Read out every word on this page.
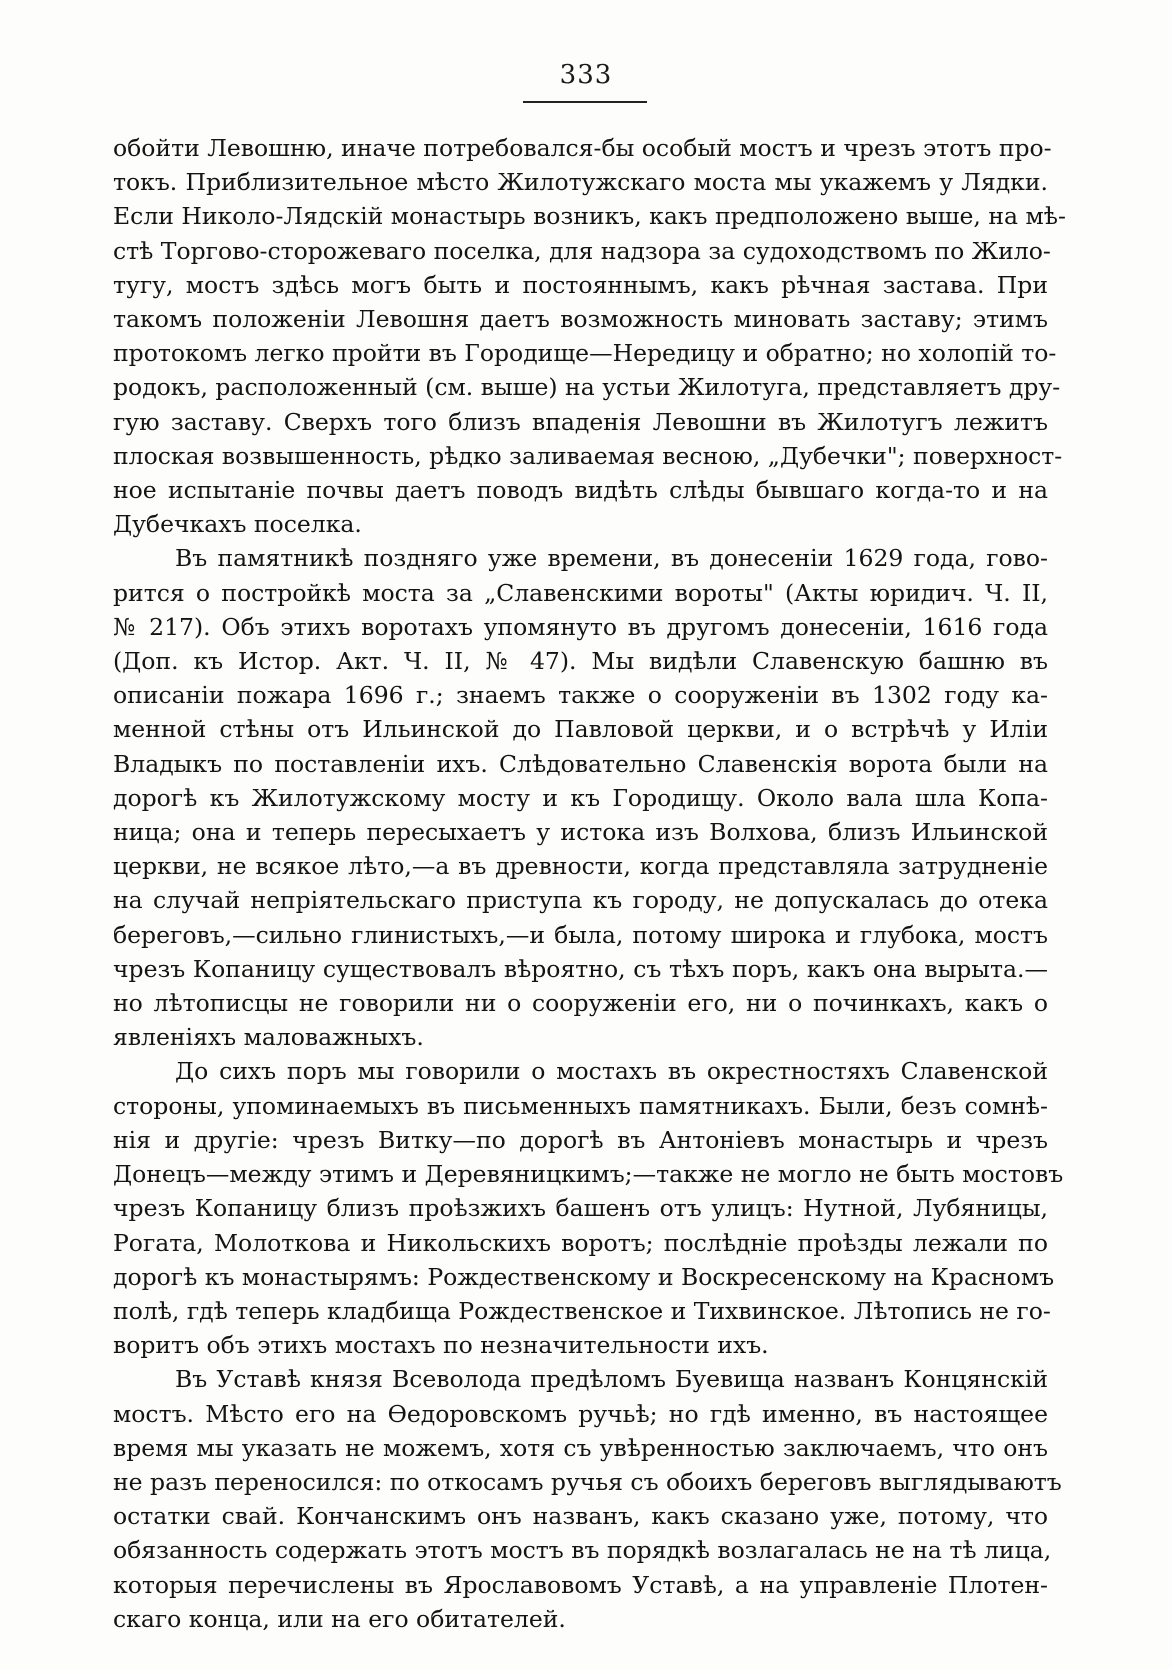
333

обойти Левошню, иначе потребовался-бы особый мостъ и чрезъ этотъ про-
токъ. Приблизительное мѣсто Жилотужскаго моста мы укажемъ у Лядки.
Если Николо-Лядскій монастырь возникъ, какъ предположено выше, на мѣ-
стѣ Торгово-сторожеваго поселка, для надзора за судоходствомъ по Жило-
тугу, мостъ здѣсь могъ быть и постояннымъ, какъ рѣчная застава. При
такомъ положеніи Левошня даетъ возможность миновать заставу; этимъ
протокомъ легко пройти въ Городище—Нередицу и обратно; но холопій то-
родокъ, расположенный (см. выше) на устьи Жилотуга, представляетъ дру-
гую заставу. Сверхъ того близъ впаденія Левошни въ Жилотугъ лежитъ
плоская возвышенность, рѣдко заливаемая весною, „Дубечки"; поверхност-
ное испытаніе почвы даетъ поводъ видѣть слѣды бывшаго когда-то и на
Дубечкахъ поселка.

Въ памятникѣ позднягo уже времени, въ донесеніи 1629 года, гово-
рится о постройкѣ моста за „Славенскими вороты" (Акты юридич. Ч. II,
№ 217). Объ этихъ воротахъ упомянуто въ другомъ донесеніи, 1616 года
(Доп. къ Истор. Акт. Ч. II, № 47). Мы видѣли Славенскую башню въ
описаніи пожара 1696 г.; знаемъ также о сооруженіи въ 1302 году ка-
менной стѣны отъ Ильинской до Павловой церкви, и о встрѣчѣ у Иліи
Владыкъ по поставленіи ихъ. Слѣдовательно Славенскія ворота были на
дорогѣ къ Жилотужскому мосту и къ Городищу. Около вала шла Копа-
ница; она и теперь пересыхаетъ у истока изъ Волхова, близъ Ильинской
церкви, не всякое лѣто,—а въ древности, когда представляла затрудненіе
на случай непріятельскаго приступа къ городу, не допускалась до отека
береговъ,—сильно глинистыхъ,—и была, потому широка и глубока, мостъ
чрезъ Копаницу существовалъ вѣроятно, съ тѣхъ поръ, какъ она вырыта.—
но лѣтописцы не говорили ни о сооруженіи его, ни о починкахъ, какъ о
явленіяхъ маловажныхъ.

До сихъ поръ мы говорили о мостахъ въ окрестностяхъ Славенской
стороны, упоминаемыхъ въ письменныхъ памятникахъ. Были, безъ сомнѣ-
нія и другіе: чрезъ Витку—по дорогѣ въ Антоніевъ монастырь и чрезъ
Донецъ—между этимъ и Деревяницкимъ;—также не могло не быть мостовъ
чрезъ Копаницу близъ проѣзжихъ башенъ отъ улицъ: Нутной, Лубяницы,
Рогата, Молоткова и Никольскихъ воротъ; послѣдніе проѣзды лежали по
дорогѣ къ монастырямъ: Рождественскому и Воскресенскому на Красномъ
полѣ, гдѣ теперь кладбища Рождественское и Тихвинское. Лѣтопись не го-
воритъ объ этихъ мостахъ по незначительности ихъ.

Въ Уставѣ князя Всеволода предѣломъ Буевища названъ Концянскій
мостъ. Мѣсто его на Ѳедоровскомъ ручьѣ; но гдѣ именно, въ настоящее
время мы указать не можемъ, хотя съ увѣренностью заключаемъ, что онъ
не разъ переносился: по откосамъ ручья съ обоихъ береговъ выглядываютъ
остатки свай. Кончанскимъ онъ названъ, какъ сказано уже, потому, что
обязанность содержать этотъ мостъ въ порядкѣ возлагалась не на тѣ лица,
которыя перечислены въ Ярославовомъ Уставѣ, а на управленіе Плотен-
скаго конца, или на его обитателей.
